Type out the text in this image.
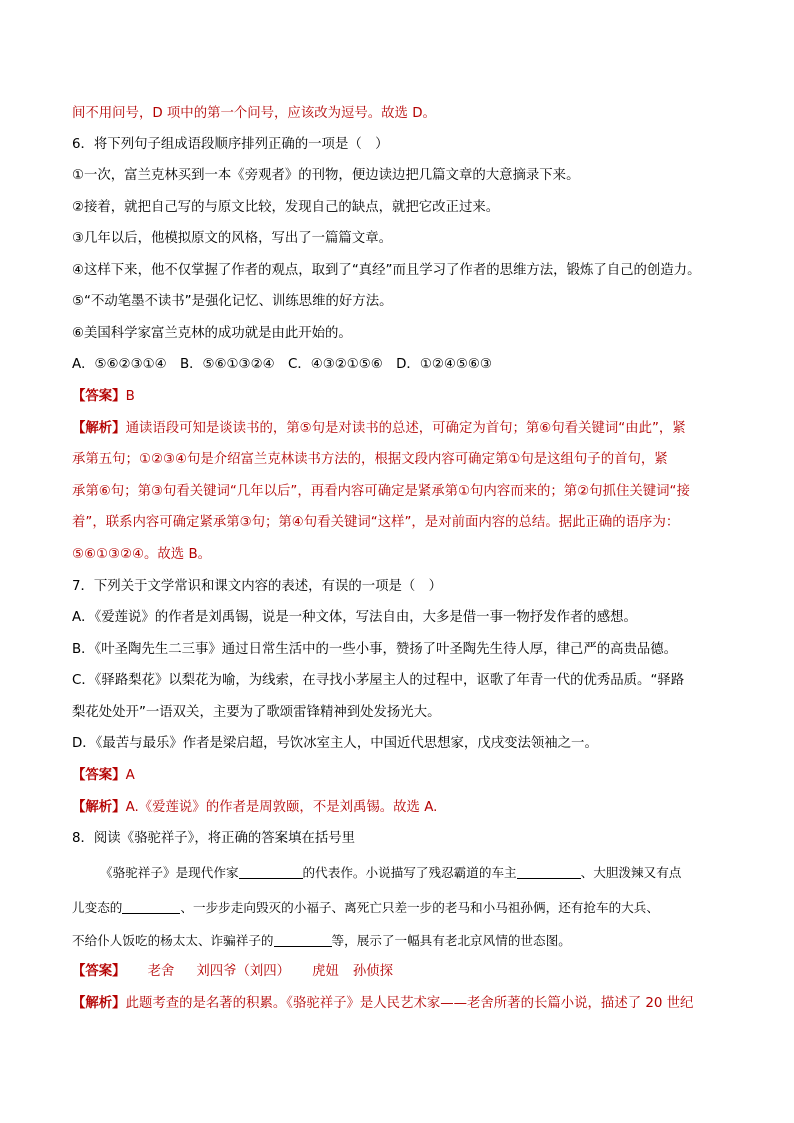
间不用问号，D 项中的第一个问号，应该改为逗号。故选 D。
6．将下列句子组成语段顺序排列正确的一项是（　）
①一次，富兰克林买到一本《旁观者》的刊物，便边读边把几篇文章的大意摘录下来。
②接着，就把自己写的与原文比较，发现自己的缺点，就把它改正过来。
③几年以后，他模拟原文的风格，写出了一篇篇文章。
④这样下来，他不仅掌握了作者的观点，取到了“真经”而且学习了作者的思维方法，锻炼了自己的创造力。
⑤“不动笔墨不读书”是强化记忆、训练思维的好方法。
⑥美国科学家富兰克林的成功就是由此开始的。
A．⑤⑥②③①④　B．⑤⑥①③②④　C．④③②①⑤⑥　D．①②④⑤⑥③
【答案】B
【解析】通读语段可知是谈读书的，第⑤句是对读书的总述，可确定为首句；第⑥句看关键词“由此”，紧
承第五句；①②③④句是介绍富兰克林读书方法的，根据文段内容可确定第①句是这组句子的首句，紧
承第⑥句；第③句看关键词“几年以后”，再看内容可确定是紧承第①句内容而来的；第②句抓住关键词“接
着”，联系内容可确定紧承第③句；第④句看关键词“这样”，是对前面内容的总结。据此正确的语序为：
⑤⑥①③②④。故选 B。
7．下列关于文学常识和课文内容的表述，有误的一项是（　）
A．《爱莲说》的作者是刘禹锡，说是一种文体，写法自由，大多是借一事一物抒发作者的感想。
B．《叶圣陶先生二三事》通过日常生活中的一些小事，赞扬了叶圣陶先生待人厚，律己严的高贵品德。
C．《驿路梨花》以梨花为喻，为线索，在寻找小茅屋主人的过程中，讴歌了年青一代的优秀品质。“驿路
梨花处处开”一语双关，主要为了歌颂雷锋精神到处发扬光大。
D．《最苦与最乐》作者是梁启超，号饮冰室主人，中国近代思想家，戊戌变法领袖之一。
【答案】A
【解析】A.《爱莲说》的作者是周敦颐，不是刘禹锡。故选 A.
8．阅读《骆驼祥子》，将正确的答案填在括号里
《骆驼祥子》是现代作家	的代表作。小说描写了残忍霸道的车主	、大胆泼辣又有点
儿变态的	、一步步走向毁灭的小福子、离死亡只差一步的老马和小马祖孙俩，还有抢车的大兵、
不给仆人饭吃的杨太太、诈骗祥子的	等，展示了一幅具有老北京风情的世态图。
【答案】 老舍 刘四爷（刘四） 虎妞 孙侦探
【解析】此题考查的是名著的积累。《骆驼祥子》是人民艺术家——老舍所著的长篇小说，描述了 20 世纪
